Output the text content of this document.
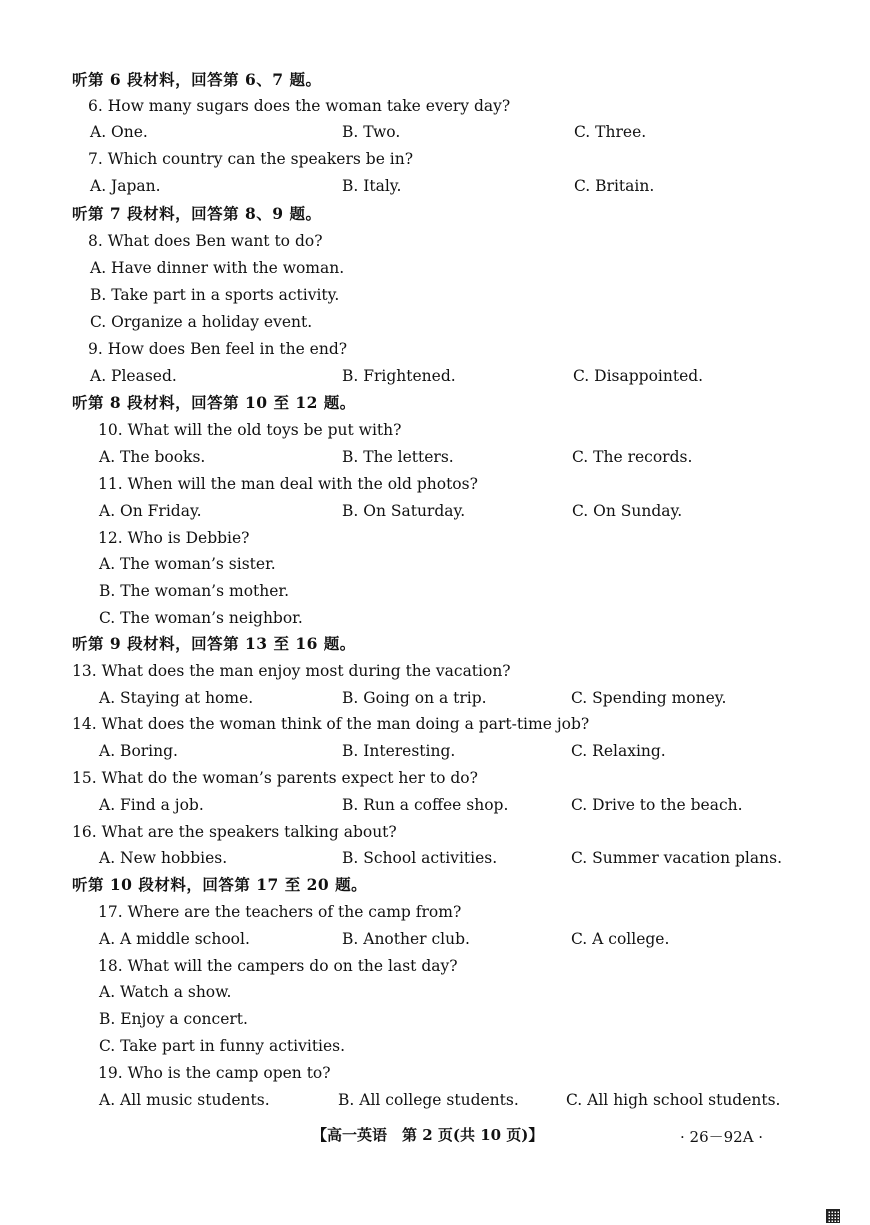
听第 6 段材料，回答第 6、7 题。
6. How many sugars does the woman take every day?
A. One.	B. Two.	C. Three.
7. Which country can the speakers be in?
A. Japan.	B. Italy.	C. Britain.
听第 7 段材料，回答第 8、9 题。
8. What does Ben want to do?
A. Have dinner with the woman.
B. Take part in a sports activity.
C. Organize a holiday event.
9. How does Ben feel in the end?
A. Pleased.	B. Frightened.	C. Disappointed.
听第 8 段材料，回答第 10 至 12 题。
10. What will the old toys be put with?
A. The books.	B. The letters.	C. The records.
11. When will the man deal with the old photos?
A. On Friday.	B. On Saturday.	C. On Sunday.
12. Who is Debbie?
A. The woman’s sister.
B. The woman’s mother.
C. The woman’s neighbor.
听第 9 段材料，回答第 13 至 16 题。
13. What does the man enjoy most during the vacation?
A. Staying at home.	B. Going on a trip.	C. Spending money.
14. What does the woman think of the man doing a part-time job?
A. Boring.	B. Interesting.	C. Relaxing.
15. What do the woman’s parents expect her to do?
A. Find a job.	B. Run a coffee shop.	C. Drive to the beach.
16. What are the speakers talking about?
A. New hobbies.	B. School activities.	C. Summer vacation plans.
听第 10 段材料，回答第 17 至 20 题。
17. Where are the teachers of the camp from?
A. A middle school.	B. Another club.	C. A college.
18. What will the campers do on the last day?
A. Watch a show.
B. Enjoy a concert.
C. Take part in funny activities.
19. Who is the camp open to?
A. All music students.	B. All college students.	C. All high school students.
【高一英语　第 2 页(共 10 页)】	· 26－92A ·
